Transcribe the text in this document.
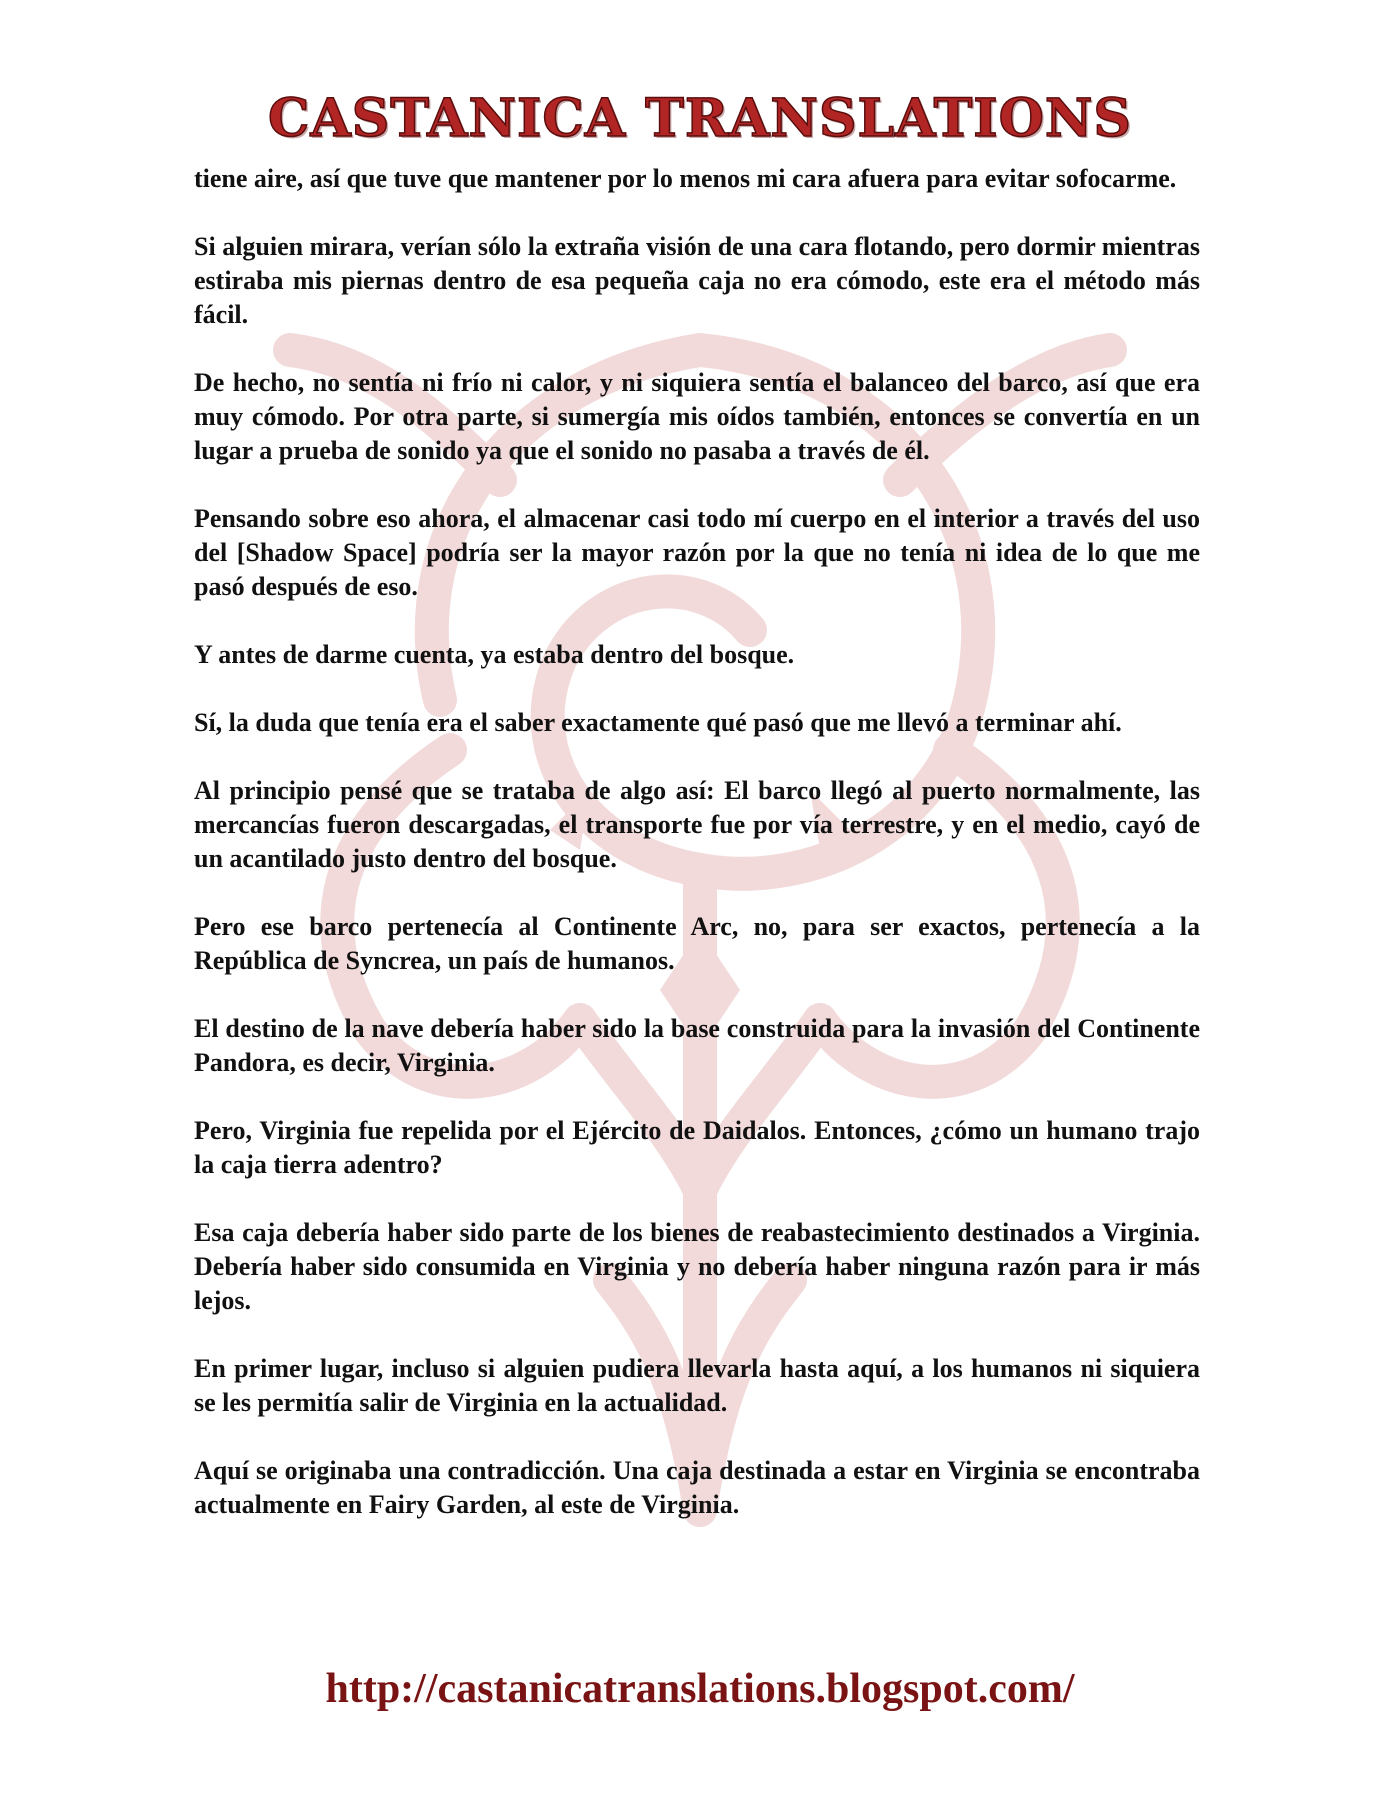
CASTANICA TRANSLATIONS

tiene aire, así que tuve que mantener por lo menos mi cara afuera para evitar sofocarme.

Si alguien mirara, verían sólo la extraña visión de una cara flotando, pero dormir mientras estiraba mis piernas dentro de esa pequeña caja no era cómodo, este era el método más fácil.

De hecho, no sentía ni frío ni calor, y ni siquiera sentía el balanceo del barco, así que era muy cómodo. Por otra parte, si sumergía mis oídos también, entonces se convertía en un lugar a prueba de sonido ya que el sonido no pasaba a través de él.

Pensando sobre eso ahora, el almacenar casi todo mí cuerpo en el interior a través del uso del [Shadow Space] podría ser la mayor razón por la que no tenía ni idea de lo que me pasó después de eso.

Y antes de darme cuenta, ya estaba dentro del bosque.

Sí, la duda que tenía era el saber exactamente qué pasó que me llevó a terminar ahí.

Al principio pensé que se trataba de algo así: El barco llegó al puerto normalmente, las mercancías fueron descargadas, el transporte fue por vía terrestre, y en el medio, cayó de un acantilado justo dentro del bosque.

Pero ese barco pertenecía al Continente Arc, no, para ser exactos, pertenecía a la República de Syncrea, un país de humanos.

El destino de la nave debería haber sido la base construida para la invasión del Continente Pandora, es decir, Virginia.

Pero, Virginia fue repelida por el Ejército de Daidalos. Entonces, ¿cómo un humano trajo la caja tierra adentro?

Esa caja debería haber sido parte de los bienes de reabastecimiento destinados a Virginia. Debería haber sido consumida en Virginia y no debería haber ninguna razón para ir más lejos.

En primer lugar, incluso si alguien pudiera llevarla hasta aquí, a los humanos ni siquiera se les permitía salir de Virginia en la actualidad.

Aquí se originaba una contradicción. Una caja destinada a estar en Virginia se encontraba actualmente en Fairy Garden, al este de Virginia.

http://castanicatranslations.blogspot.com/
